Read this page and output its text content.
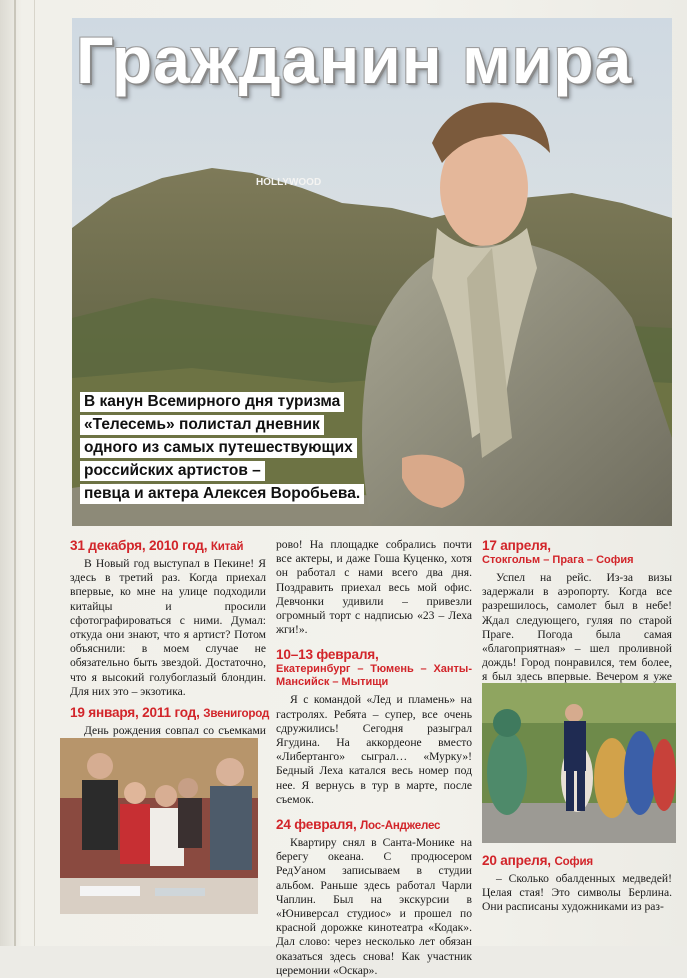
HOLLYWOOD
Гражданин мира
В канун Всемирного дня туризма
«Телесемь» полистал дневник
одного из самых путешествующих
российских артистов –
певца и актера Алексея Воробьева.
31 декабря, 2010 год, Китай

В Новый год выступал в Пекине! Я здесь в третий раз. Когда приехал впервые, ко мне на улице подходили китайцы и просили сфотографироваться с ними. Думал: откуда они знают, что я артист? Потом объяснили: в моем случае не обязательно быть звездой. Достаточно, что я высокий голубоглазый блондин. Для них это – экзотика.

19 января, 2011 год, Звенигород

День рождения совпал со съемками

рово! На площадке собрались почти все актеры, и даже Гоша Куценко, хотя он работал с нами всего два дня. Поздравить приехал весь мой офис. Девчонки удивили – привезли огромный торт с надписью «23 – Леха жги!».

10–13 февраля,
Екатеринбург – Тюмень – Ханты-Мансийск – Мытищи

Я с командой «Лед и пламень» на гастролях. Ребята – супер, все очень сдружились! Сегодня разыграл Ягудина. На аккордеоне вместо «Либертанго» сыграл… «Мурку»! Бедный Леха катался весь номер под нее. Я вернусь в тур в марте, после съемок.

24 февраля, Лос-Анджелес

Квартиру снял в Санта-Монике на берегу океана. С продюсером РедУаном записываем в студии альбом. Раньше здесь работал Чарли Чаплин. Был на экскурсии в «Юниверсал студиос» и прошел по красной дорожке кинотеатра «Кодак». Дал слово: через несколько лет обязан оказаться здесь снова! Как участник церемонии «Оскар».

17 апреля,
Стокгольм – Прага – София

Успел на рейс. Из-за визы задержали в аэропорту. Когда все разрешилось, самолет был в небе! Ждал следующего, гуляя по старой Праге. Погода была самая «благоприятная» – шел проливной дождь! Город понравился, тем более, я был здесь впервые. Вечером я уже

20 апреля, София

– Сколько обалденных медведей! Целая стая! Это символы Берлина. Они расписаны художниками из раз-
